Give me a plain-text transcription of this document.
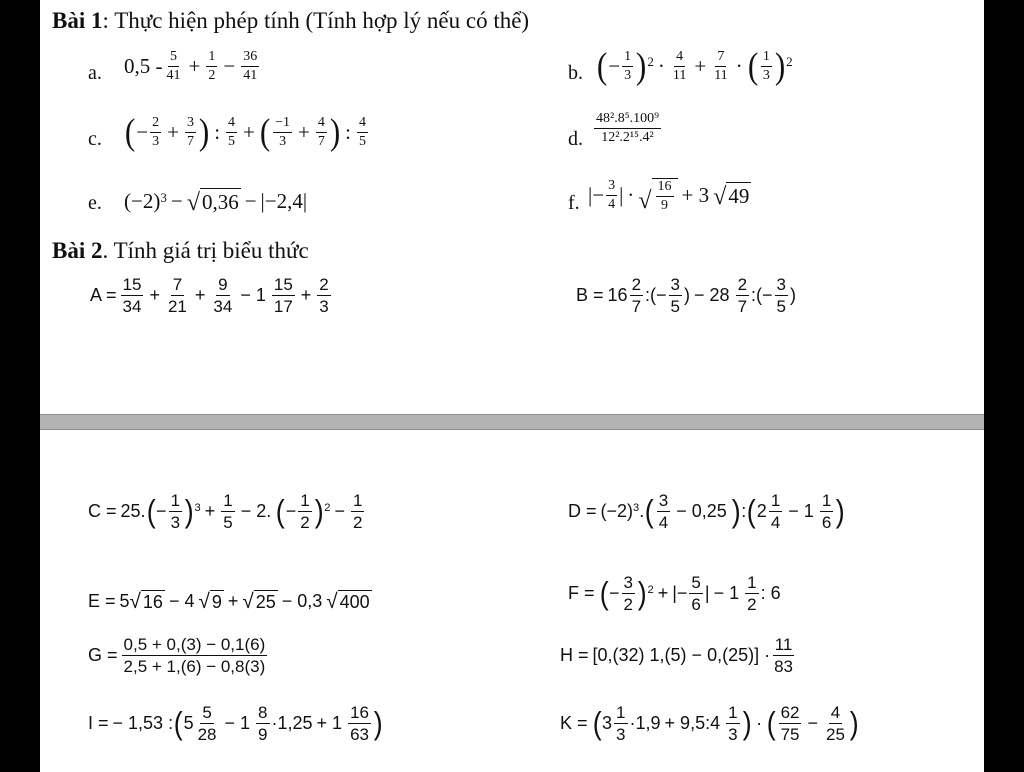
Bài 1: Thực hiện phép tính (Tính hợp lý nếu có thể)
a. $0,5 - \frac{5}{41} + \frac{1}{2} - \frac{36}{41}$	b. ( − $\frac{1}{3}$ ) $2 \cdot \frac{4}{11} + \frac{7}{11}$ · ( $\frac{1}{3}$ ) 2
c. ( − $\frac{2}{3} + \frac{3}{7}$ ) : $\frac{4}{5}$ + ( $\frac{-1}{3} + \frac{4}{7}$ ) : $\frac{4}{5}$	d. $\frac{\text{48².8⁵.100⁹}}{\text{12².2¹⁵.4²}}$
e. (−2) 3 − √ 0,36 − |−2,4|	f. |− $\frac{3}{4}$ | · √ $\frac{16}{9} + 3$ √ 49
Bài 2. Tính giá trị biểu thức
$A = \frac{15}{34} + \frac{7}{21} + \frac{9}{34} - 1 \frac{15}{17} + \frac{2}{3}$	$B = 16 \frac{2}{7}$ :(− $\frac{3}{5}$ ) − $28 \frac{2}{7}$ :(− $\frac{3}{5}$ )
C = 25. ( − $\frac{1}{3}$ ) $3 + \frac{1}{5} - 2$. ( − $\frac{1}{2}$ ) $2 - \frac{1}{2}$	D = (−2) 3 . ( $\frac{3}{4} - 0,25$ ) : ( $2 \frac{1}{4} - 1 \frac{1}{6}$ )
E = 5 √ 16 − 4 √ 9 + √ 25 − 0,3 √ 400	F = ( − $\frac{3}{2}$ ) 2 + |− $\frac{5}{6}$ | − $1 \frac{1}{2}$ : 6
$G = \frac{0,5 + 0,(3) - 0,1(6)}{2,5 + 1,(6) - 0,8(3)}$	H = [0,(32) $1,(5) - 0,(25)] \cdot \frac{11}{83}$
I = − 1,53 : ( $5 \frac{5}{28} - 1 \frac{8}{9} \cdot 1,25 + 1 \frac{16}{63}$ )	K = ( $3 \frac{1}{3} \cdot 1,9$ + 9,5:4 $\frac{1}{3}$ ) · ( $\frac{62}{75} - \frac{4}{25}$ )
